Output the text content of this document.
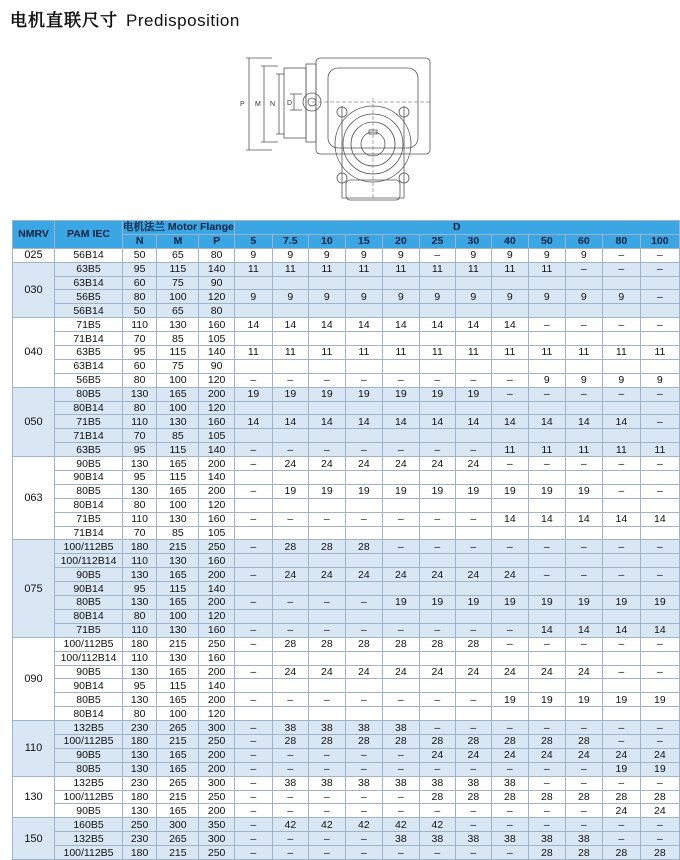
电机直联尺寸 Predisposition
P M N D
NMRV	PAM IEC	电机法兰 Motor Flange			D											
		N	M	P	5	7.5	10	15	20	25	30	40	50	60	80	100
025	56B14	50	65	80	9	9	9	9	9	–	9	9	9	9	–	–
030	63B5	95	115	140	11	11	11	11	11	11	11	11	11	–	–	–
	63B14	60	75	90												
	56B5	80	100	120	9	9	9	9	9	9	9	9	9	9	9	–
	56B14	50	65	80												
040	71B5	110	130	160	14	14	14	14	14	14	14	14	–	–	–	–
	71B14	70	85	105												
	63B5	95	115	140	11	11	11	11	11	11	11	11	11	11	11	11
	63B14	60	75	90												
	56B5	80	100	120	–	–	–	–	–	–	–	–	9	9	9	9
050	80B5	130	165	200	19	19	19	19	19	19	19	–	–	–	–	–
	80B14	80	100	120												
	71B5	110	130	160	14	14	14	14	14	14	14	14	14	14	14	–
	71B14	70	85	105												
	63B5	95	115	140	–	–	–	–	–	–	–	11	11	11	11	11
063	90B5	130	165	200	–	24	24	24	24	24	24	–	–	–	–	–
	90B14	95	115	140												
	80B5	130	165	200	–	19	19	19	19	19	19	19	19	19	–	–
	80B14	80	100	120												
	71B5	110	130	160	–	–	–	–	–	–	–	14	14	14	14	14
	71B14	70	85	105												
075	100/112B5	180	215	250	–	28	28	28	–	–	–	–	–	–	–	–
	100/112B14	110	130	160												
	90B5	130	165	200	–	24	24	24	24	24	24	24	–	–	–	–
	90B14	95	115	140												
	80B5	130	165	200	–	–	–	–	19	19	19	19	19	19	19	19
	80B14	80	100	120												
	71B5	110	130	160	–	–	–	–	–	–	–	–	14	14	14	14
090	100/112B5	180	215	250	–	28	28	28	28	28	28	–	–	–	–	–
	100/112B14	110	130	160												
	90B5	130	165	200	–	24	24	24	24	24	24	24	24	24	–	–
	90B14	95	115	140												
	80B5	130	165	200	–	–	–	–	–	–	–	19	19	19	19	19
	80B14	80	100	120												
110	132B5	230	265	300	–	38	38	38	38	–	–	–	–	–	–	–
	100/112B5	180	215	250	–	28	28	28	28	28	28	28	28	28	–	–
	90B5	130	165	200	–	–	–	–	–	24	24	24	24	24	24	24
	80B5	130	165	200	–	–	–	–	–	–	–	–	–	–	19	19
130	132B5	230	265	300	–	38	38	38	38	38	38	38	–	–	–	–
	100/112B5	180	215	250	–	–	–	–	–	28	28	28	28	28	28	28
	90B5	130	165	200	–	–	–	–	–	–	–	–	–	–	24	24
150	160B5	250	300	350	–	42	42	42	42	42	–	–	–	–	–	–
	132B5	230	265	300	–	–	–	–	38	38	38	38	38	38	–	–
	100/112B5	180	215	250	–	–	–	–	–	–	–	–	28	28	28	28
